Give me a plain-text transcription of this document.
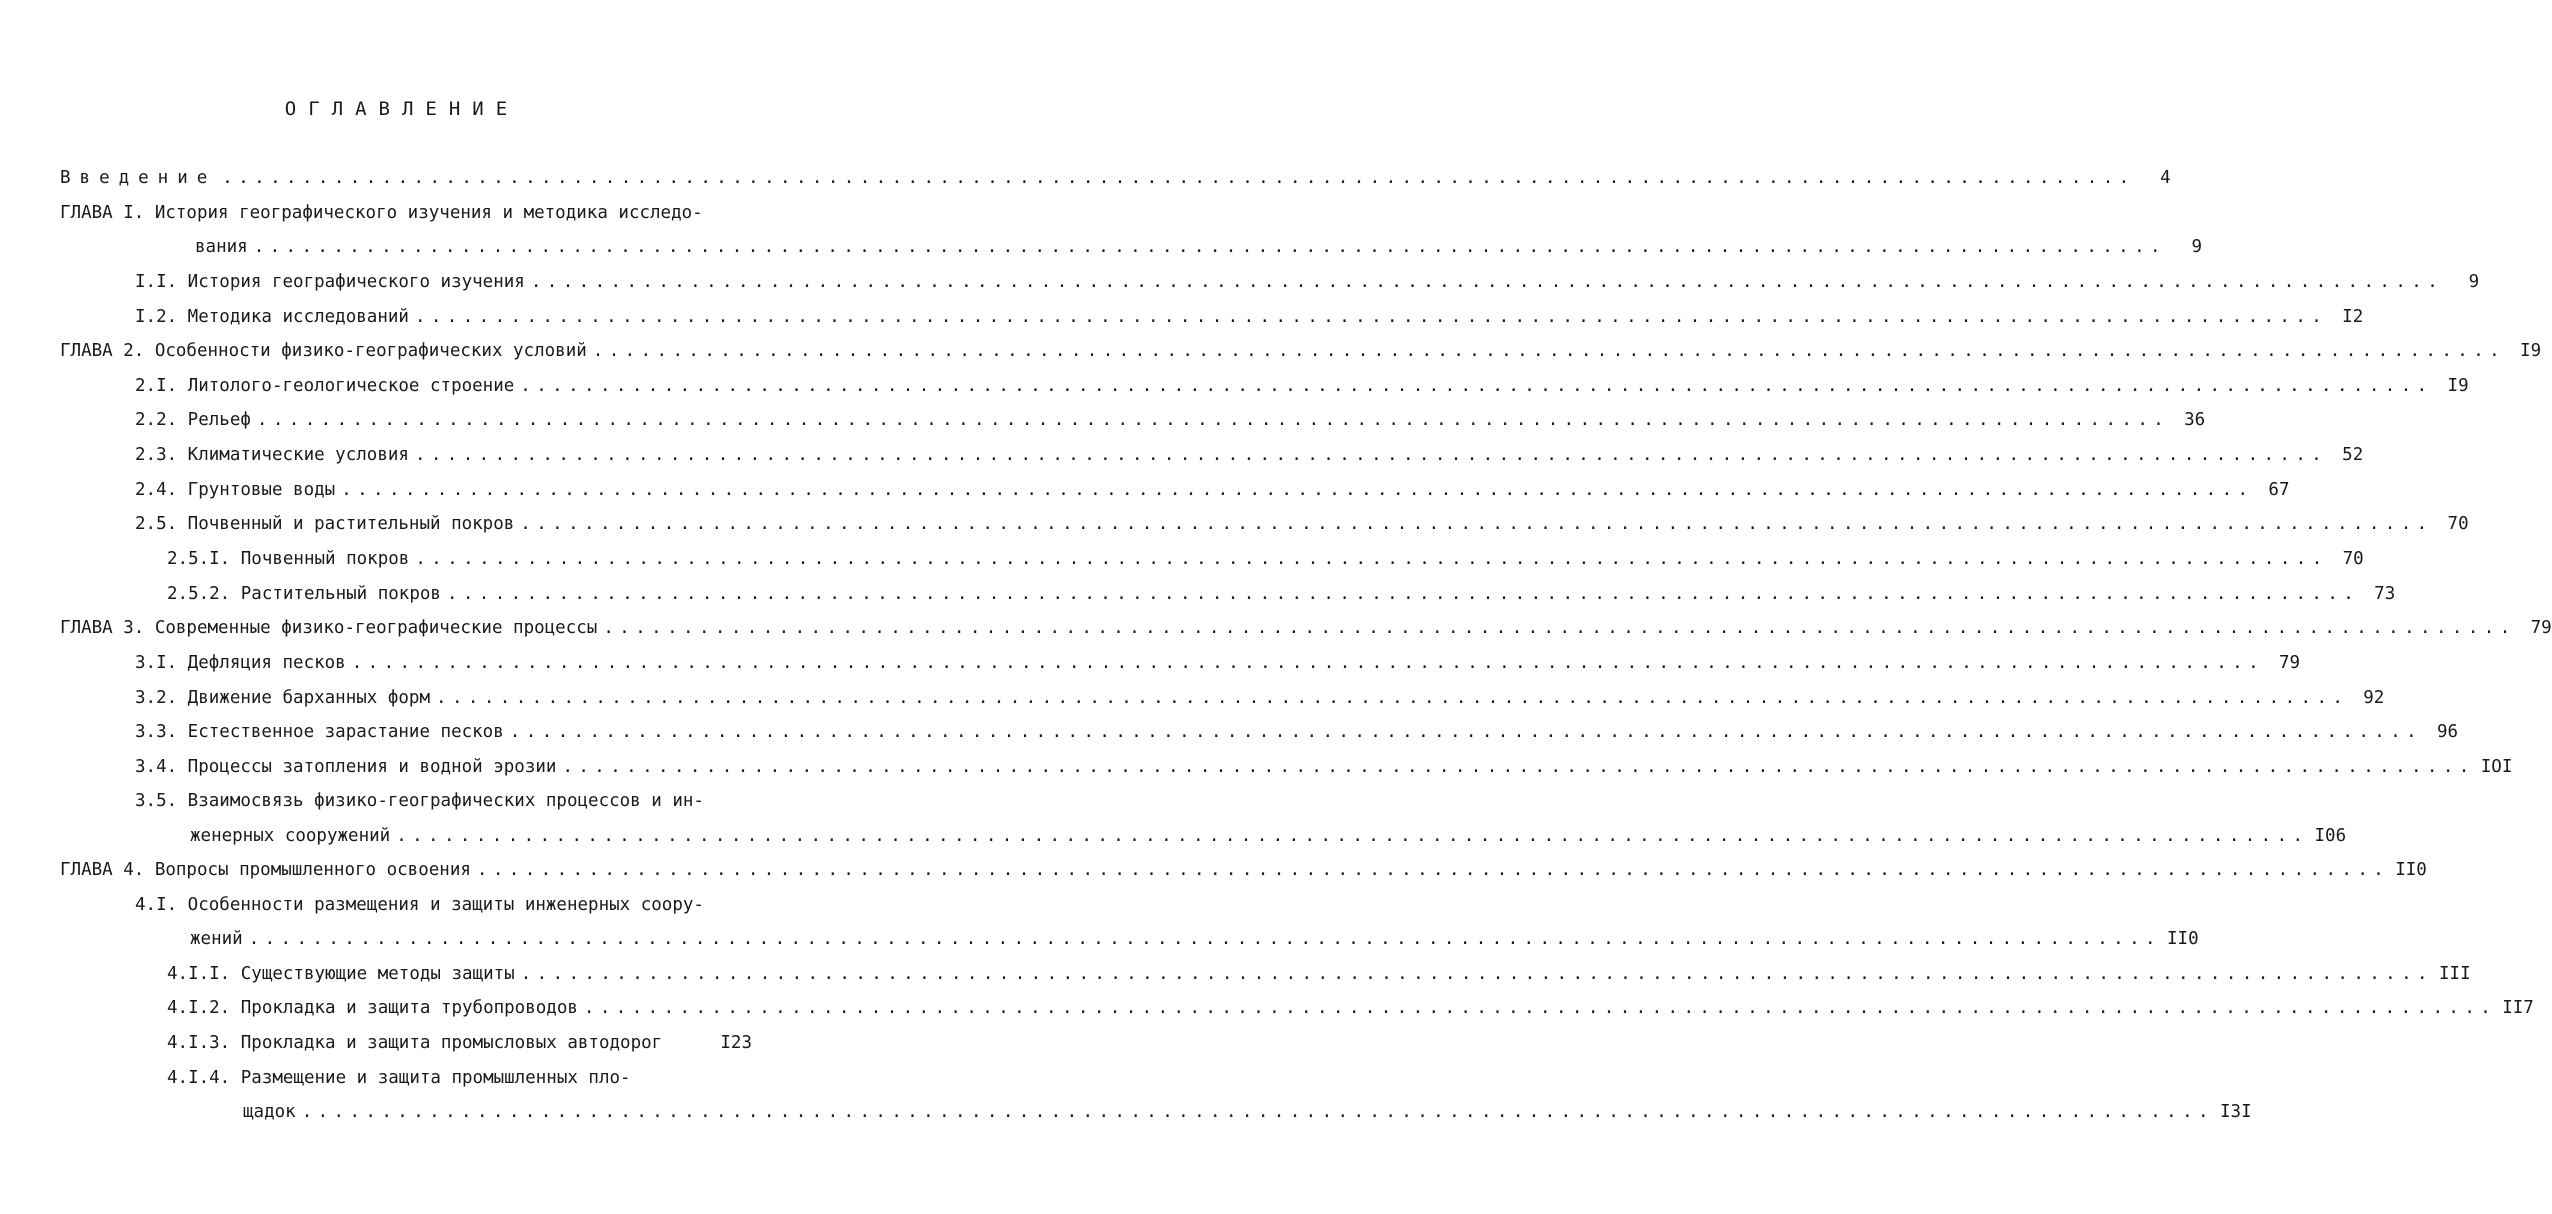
ОГЛАВЛЕНИЕ
Введение ........................................................................................................................	4
ГЛАВА I. История географического изучения и методика исследо-
вания ........................................................................................................................	9
I.I. История географического изучения ........................................................................................................................	9
I.2. Методика исследований ........................................................................................................................ I2
ГЛАВА 2. Особенности физико-географических условий ........................................................................................................................ I9
2.I. Литолого-геологическое строение ........................................................................................................................ I9
2.2. Рельеф ........................................................................................................................ 36
2.3. Климатические условия ........................................................................................................................ 52
2.4. Грунтовые воды ........................................................................................................................ 67
2.5. Почвенный и растительный покров ........................................................................................................................ 70
2.5.I. Почвенный покров ........................................................................................................................ 70
2.5.2. Растительный покров ........................................................................................................................ 73
ГЛАВА 3. Современные физико-географические процессы ........................................................................................................................ 79
3.I. Дефляция песков ........................................................................................................................ 79
3.2. Движение барханных форм ........................................................................................................................ 92
3.3. Естественное зарастание песков ........................................................................................................................ 96
3.4. Процессы затопления и водной эрозии ........................................................................................................................ IOI
3.5. Взаимосвязь физико-географических процессов и ин-
женерных сооружений ........................................................................................................................ I06
ГЛАВА 4. Вопросы промышленного освоения ........................................................................................................................ II0
4.I. Особенности размещения и защиты инженерных соору-
жений ........................................................................................................................ II0
4.I.I. Существующие методы защиты ........................................................................................................................ III
4.I.2. Прокладка и защита трубопроводов ........................................................................................................................ II7
4.I.3. Прокладка и защита промысловых автодорог	I23
4.I.4. Размещение и защита промышленных пло-
щадок ........................................................................................................................ I3I
